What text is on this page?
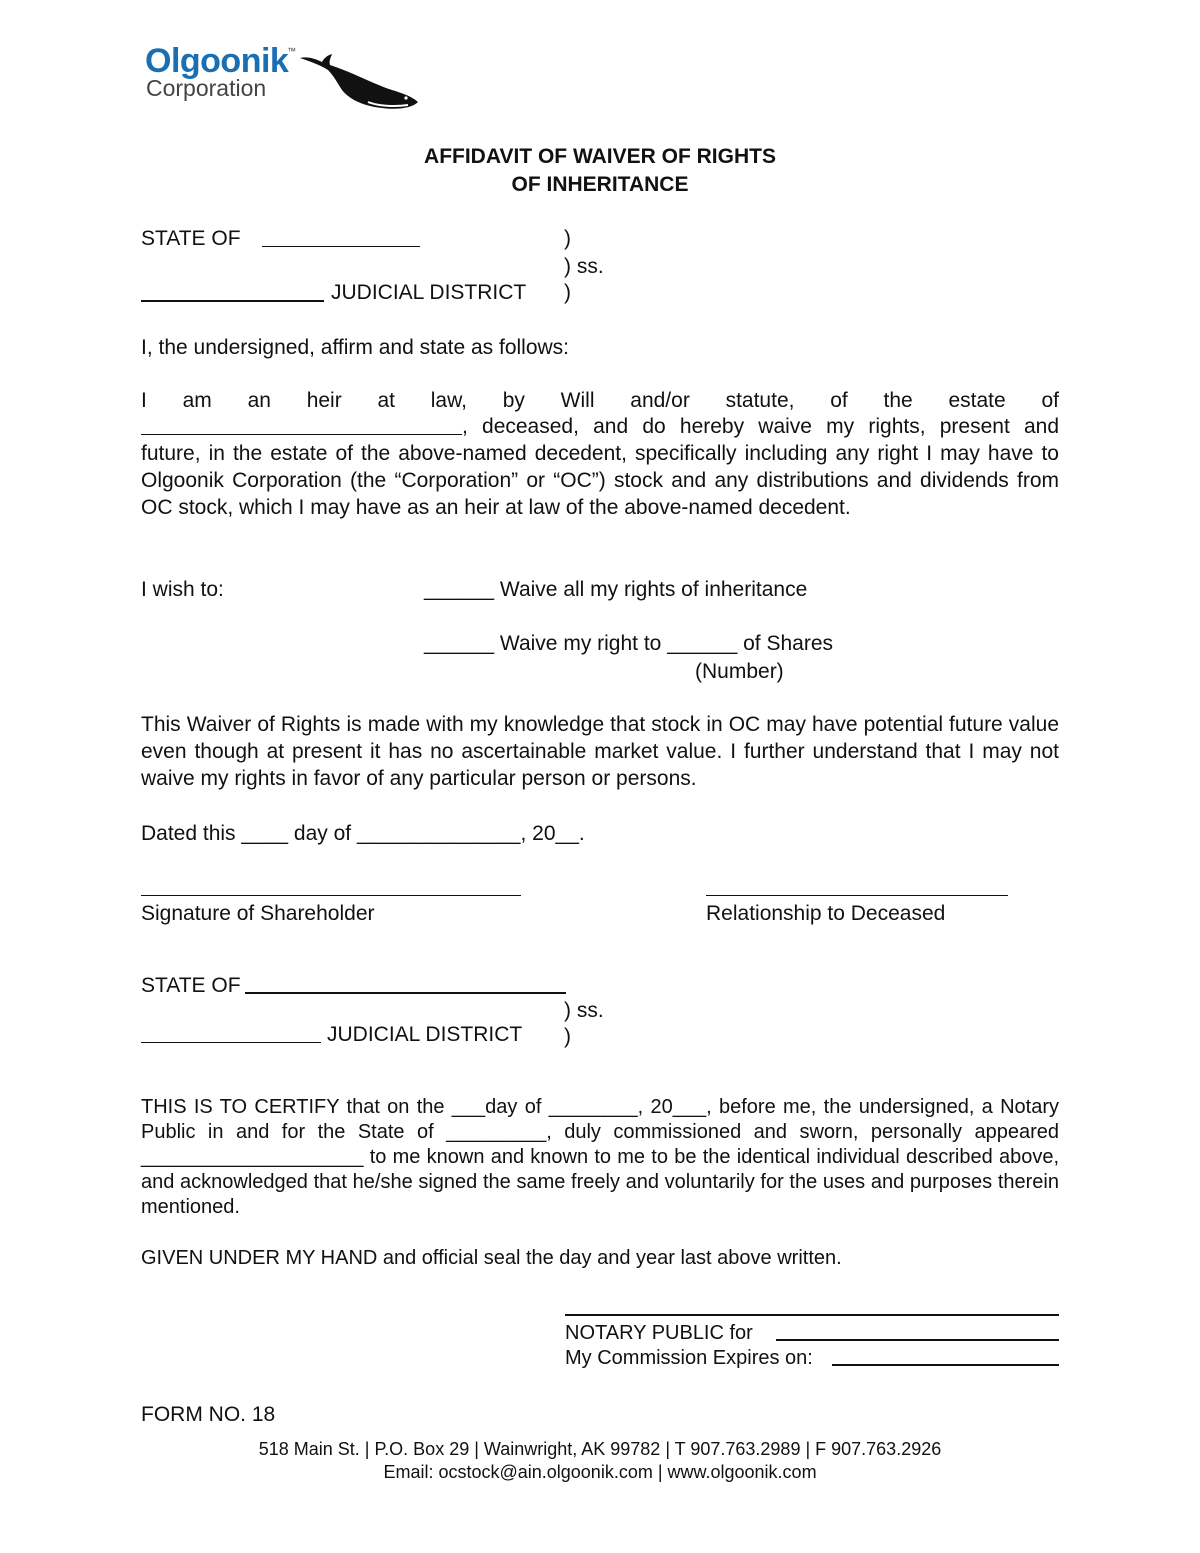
Olgoonik
™
Corporation
AFFIDAVIT OF WAIVER OF RIGHTS
OF INHERITANCE
STATE OF	)
) ss.
JUDICIAL DISTRICT )
I, the undersigned, affirm and state as follows:
I am an heir at law, by Will and/or statute, of the estate of
, deceased, and do hereby waive my rights, present and
future, in the estate of the above-named decedent, specifically including any right I may have to Olgoonik Corporation (the “Corporation” or “OC”) stock and any distributions and dividends from OC stock, which I may have as an heir at law of the above-named decedent.
I wish to:	______ Waive all my rights of inheritance
______ Waive my right to ______ of Shares
(Number)
This Waiver of Rights is made with my knowledge that stock in OC may have potential future value even though at present it has no ascertainable market value. I further understand that I may not waive my rights in favor of any particular person or persons.
Dated this ____ day of ______________, 20__.
Signature of Shareholder	Relationship to Deceased
STATE OF
) ss.
JUDICIAL DISTRICT )
THIS IS TO CERTIFY that on the ___day of ________, 20___, before me, the undersigned, a Notary Public in and for the State of _________, duly commissioned and sworn, personally appeared ____________________ to me known and known to me to be the identical individual described above, and acknowledged that he/she signed the same freely and voluntarily for the uses and purposes therein mentioned.
GIVEN UNDER MY HAND and official seal the day and year last above written.
NOTARY PUBLIC for
My Commission Expires on:
FORM NO. 18
518 Main St. | P.O. Box 29 | Wainwright, AK 99782 | T 907.763.2989 | F 907.763.2926
Email: ocstock@ain.olgoonik.com | www.olgoonik.com
